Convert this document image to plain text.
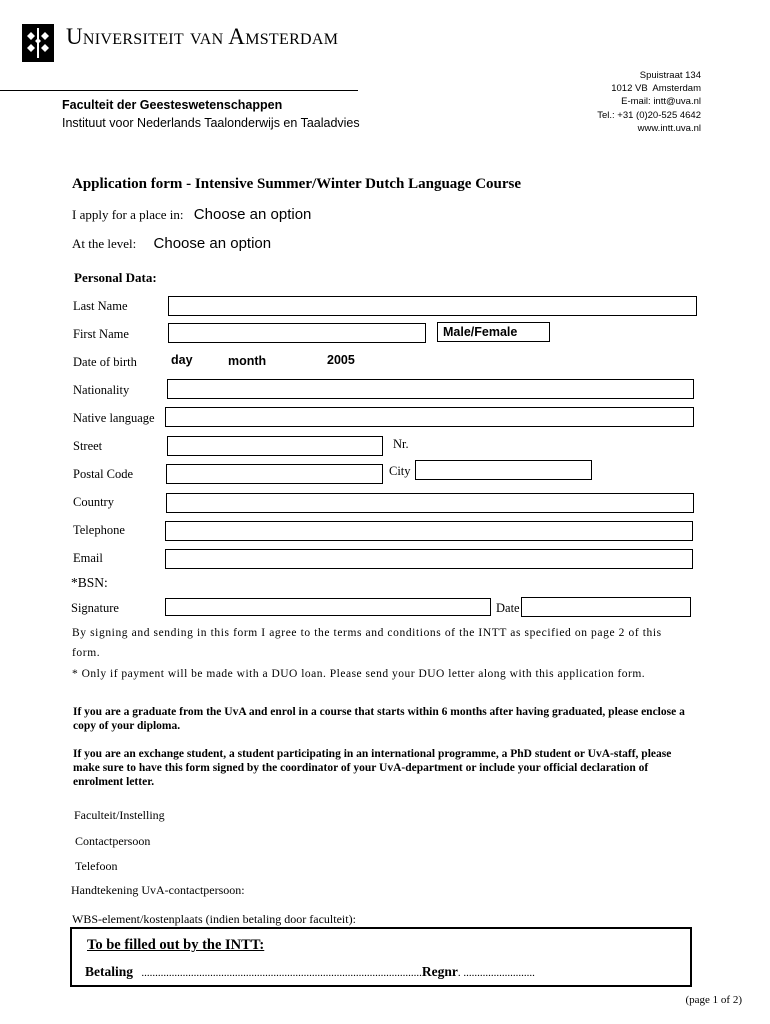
Universiteit van Amsterdam
Faculteit der Geesteswetenschappen
Instituut voor Nederlands Taalonderwijs en Taaladvies
Spuistraat 134
1012 VB  Amsterdam
E-mail: intt@uva.nl
Tel.: +31 (0)20-525 4642
www.intt.uva.nl
Application form - Intensive Summer/Winter Dutch Language Course
I apply for a place in: Choose an option
At the level: Choose an option
Personal Data:
Last Name
First Name	Male/Female
Date of birth	day	month	2005
Nationality
Native language
Street	Nr.
Postal Code	City
Country
Telephone
Email
*BSN:
Signature	Date
By signing and sending in this form I agree to the terms and conditions of the INTT as specified on page 2 of this form.
* Only if payment will be made with a DUO loan. Please send your DUO letter along with this application form.
If you are a graduate from the UvA and enrol in a course that starts within 6 months after having graduated, please enclose a copy of your diploma.
If you are an exchange student, a student participating in an international programme, a PhD student or UvA-staff, please make sure to have this form signed by the coordinator of your UvA-department or include your official declaration of enrolment letter.
Faculteit/Instelling
Contactpersoon
Telefoon
Handtekening UvA-contactpersoon:
WBS-element/kostenplaats (indien betaling door faculteit):
To be filled out by the INTT:
Betaling ......................................................................................................Regnr. ..........................
(page 1 of 2)
